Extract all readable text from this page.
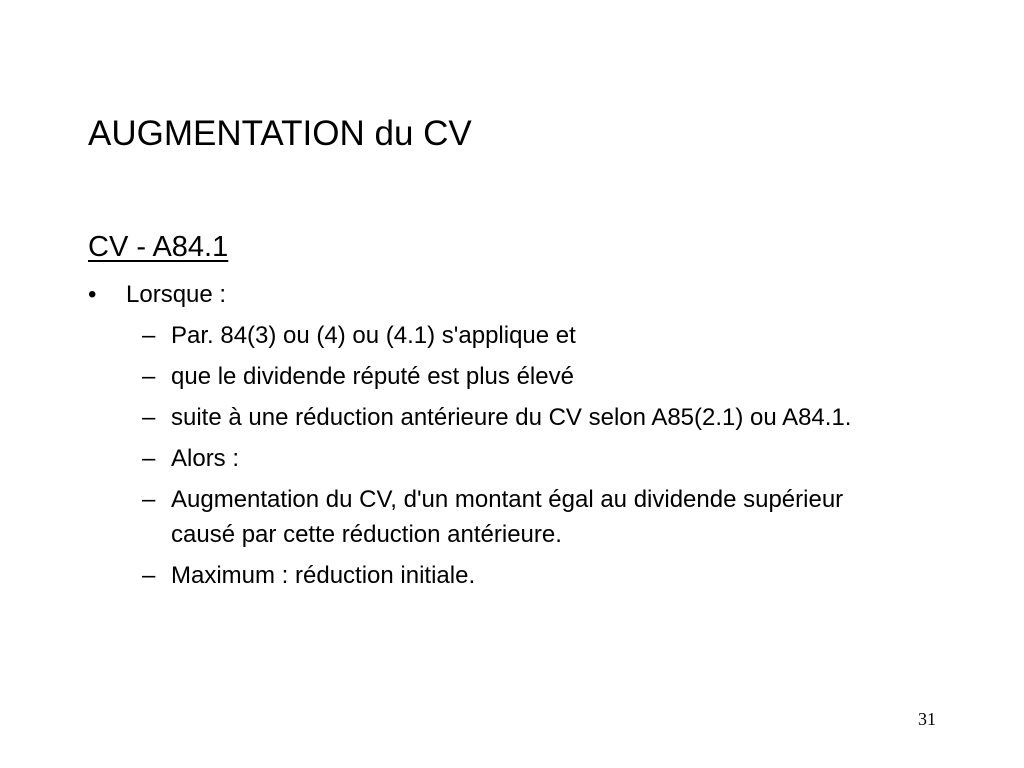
AUGMENTATION du CV
CV - A84.1
•	Lorsque :
– Par. 84(3) ou (4) ou (4.1) s'applique et
– que le dividende réputé est plus élevé
– suite à une réduction antérieure du CV selon A85(2.1) ou A84.1.
– Alors :
– Augmentation du CV, d'un montant égal au dividende supérieur causé par cette réduction antérieure.
– Maximum : réduction initiale.
31
